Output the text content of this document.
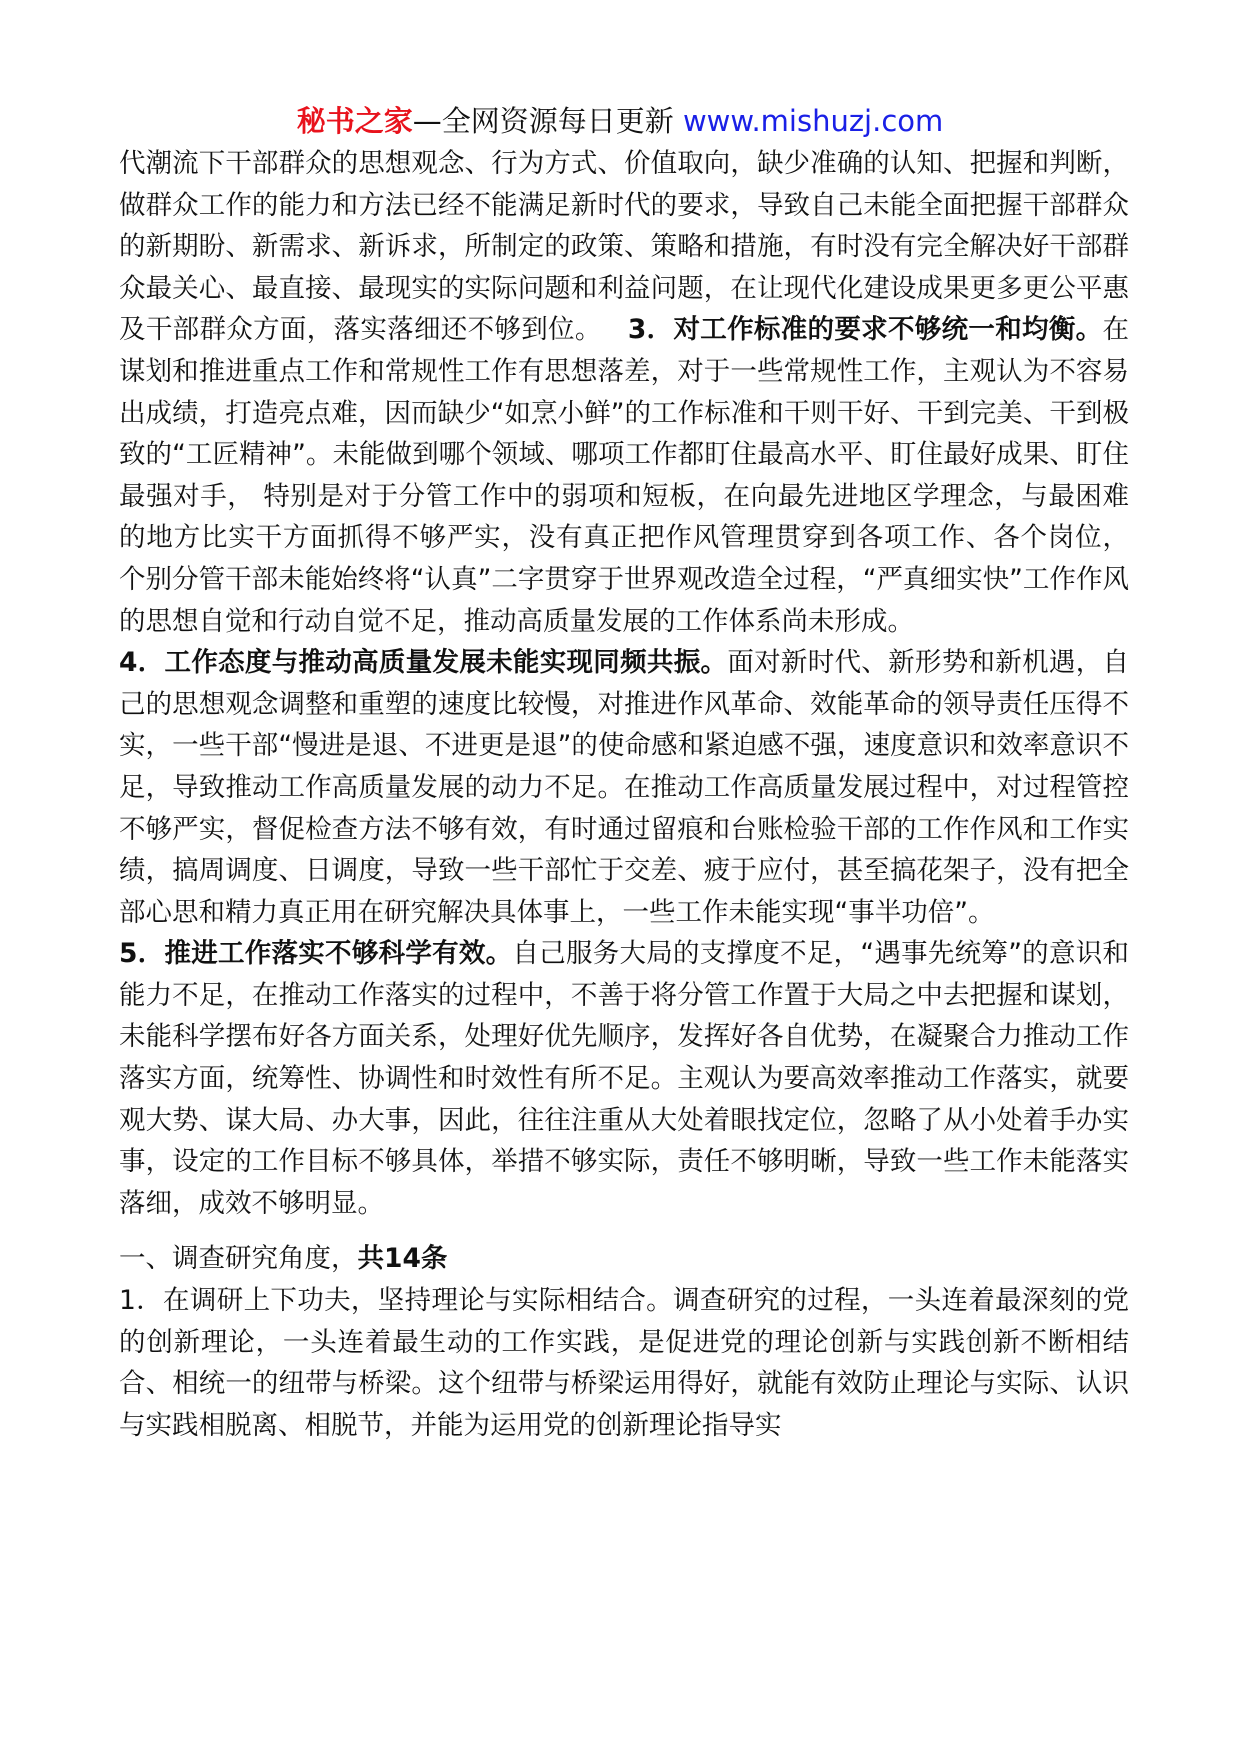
秘书之家—全网资源每日更新 www.mishuzj.com

代潮流下干部群众的思想观念、行为方式、价值取向，缺少准确的认知、把握和判断，做群众工作的能力和方法已经不能满足新时代的要求，导致自己未能全面把握干部群众的新期盼、新需求、新诉求，所制定的政策、策略和措施，有时没有完全解决好干部群众最关心、最直接、最现实的实际问题和利益问题，在让现代化建设成果更多更公平惠及干部群众方面，落实落细还不够到位。 3．对工作标准的要求不够统一和均衡。在谋划和推进重点工作和常规性工作有思想落差，对于一些常规性工作，主观认为不容易出成绩，打造亮点难，因而缺少“如烹小鲜”的工作标准和干则干好、干到完美、干到极致的“工匠精神”。未能做到哪个领域、哪项工作都盯住最高水平、盯住最好成果、盯住最强对手， 特别是对于分管工作中的弱项和短板，在向最先进地区学理念，与最困难的地方比实干方面抓得不够严实，没有真正把作风管理贯穿到各项工作、各个岗位， 个别分管干部未能始终将“认真”二字贯穿于世界观改造全过程，“严真细实快”工作作风的思想自觉和行动自觉不足，推动高质量发展的工作体系尚未形成。

4．工作态度与推动高质量发展未能实现同频共振。面对新时代、新形势和新机遇，自己的思想观念调整和重塑的速度比较慢，对推进作风革命、效能革命的领导责任压得不实，一些干部“慢进是退、不进更是退”的使命感和紧迫感不强，速度意识和效率意识不足，导致推动工作高质量发展的动力不足。在推动工作高质量发展过程中，对过程管控不够严实，督促检查方法不够有效，有时通过留痕和台账检验干部的工作作风和工作实绩，搞周调度、日调度，导致一些干部忙于交差、疲于应付，甚至搞花架子，没有把全部心思和精力真正用在研究解决具体事上，一些工作未能实现“事半功倍”。

5．推进工作落实不够科学有效。自己服务大局的支撑度不足，“遇事先统筹”的意识和能力不足，在推动工作落实的过程中，不善于将分管工作置于大局之中去把握和谋划，未能科学摆布好各方面关系，处理好优先顺序，发挥好各自优势，在凝聚合力推动工作落实方面，统筹性、协调性和时效性有所不足。主观认为要高效率推动工作落实，就要观大势、谋大局、办大事，因此，往往注重从大处着眼找定位，忽略了从小处着手办实事，设定的工作目标不够具体，举措不够实际，责任不够明晰，导致一些工作未能落实落细，成效不够明显。

一、调查研究角度，共14条

1．在调研上下功夫，坚持理论与实际相结合。调查研究的过程，一头连着最深刻的党的创新理论，一头连着最生动的工作实践，是促进党的理论创新与实践创新不断相结合、相统一的纽带与桥梁。这个纽带与桥梁运用得好，就能有效防止理论与实际、认识与实践相脱离、相脱节，并能为运用党的创新理论指导实
